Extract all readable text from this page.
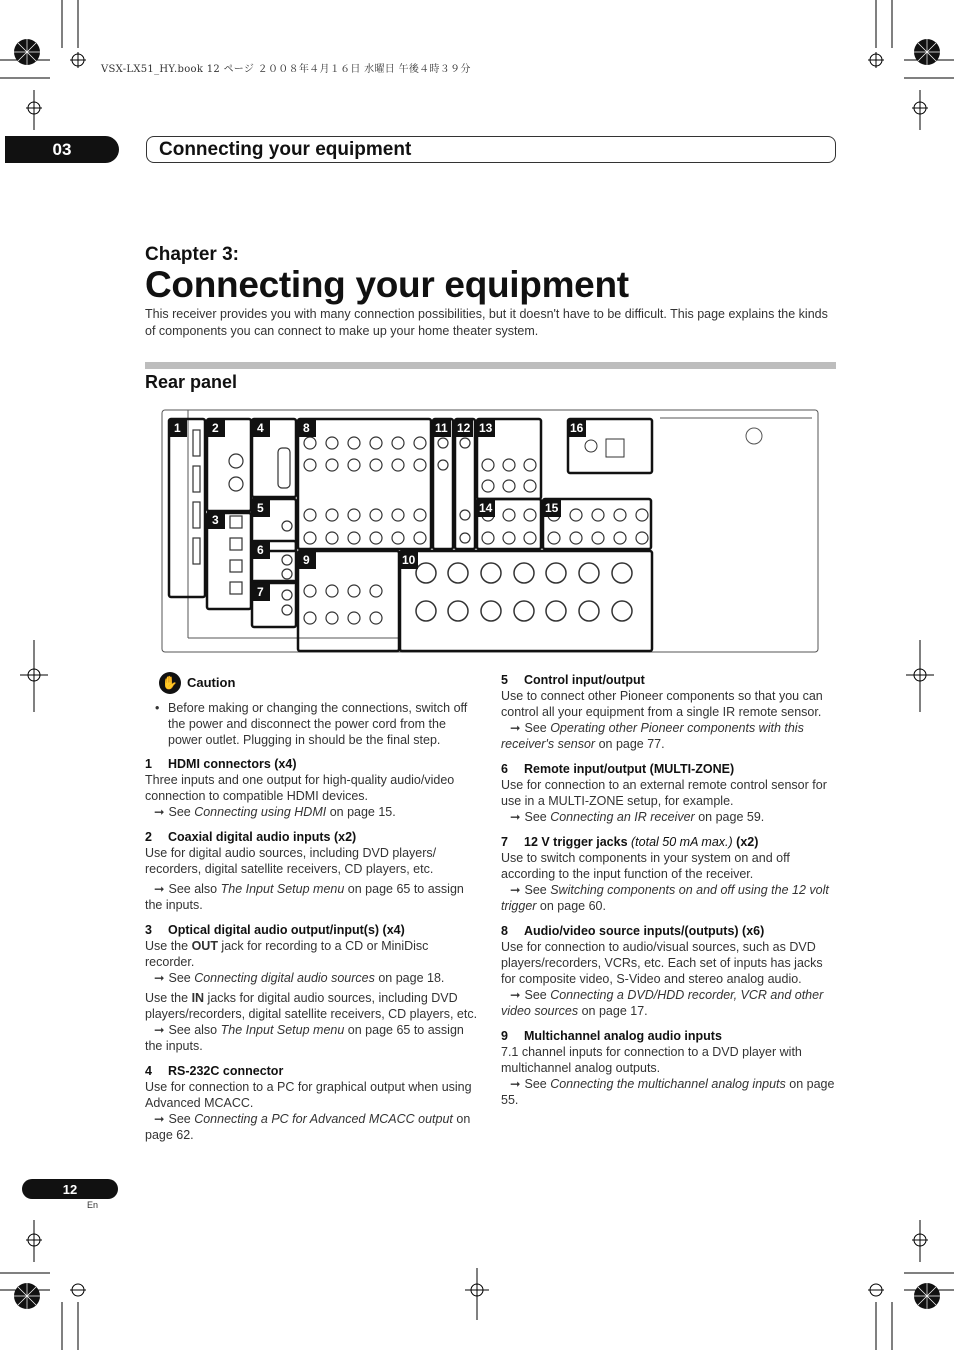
VSX-LX51_HY.book 12 ページ ２００８年４月１６日 水曜日 午後４時３９分
03	Connecting your equipment
Chapter 3:
Connecting your equipment
This receiver provides you with many connection possibilities, but it doesn't have to be difficult. This page explains the kinds of components you can connect to make up your home theater system.
Rear panel
1	2
3
4
5
6
7
8
9	10
11 12 13
14	15
16
✋ Caution
• Before making or changing the connections, switch off the power and disconnect the power cord from the power outlet. Plugging in should be the final step.
1 HDMI connectors (x4)
Three inputs and one output for high-quality audio/video connection to compatible HDMI devices.
➞ See Connecting using HDMI on page 15.
2 Coaxial digital audio inputs (x2)
Use for digital audio sources, including DVD players/ recorders, digital satellite receivers, CD players, etc.
➞ See also The Input Setup menu on page 65 to assign the inputs.
3 Optical digital audio output/input(s) (x4)
Use the OUT jack for recording to a CD or MiniDisc recorder.
➞ See Connecting digital audio sources on page 18.
Use the IN jacks for digital audio sources, including DVD players/recorders, digital satellite receivers, CD players, etc.
➞ See also The Input Setup menu on page 65 to assign the inputs.
4 RS-232C connector
Use for connection to a PC for graphical output when using Advanced MCACC.
➞ See Connecting a PC for Advanced MCACC output on page 62.
5 Control input/output
Use to connect other Pioneer components so that you can control all your equipment from a single IR remote sensor.
➞ See Operating other Pioneer components with this receiver's sensor on page 77.
6 Remote input/output (MULTI-ZONE)
Use for connection to an external remote control sensor for use in a MULTI-ZONE setup, for example.
➞ See Connecting an IR receiver on page 59.
7 12 V trigger jacks (total 50 mA max.) (x2)
Use to switch components in your system on and off according to the input function of the receiver.
➞ See Switching components on and off using the 12 volt trigger on page 60.
8 Audio/video source inputs/(outputs) (x6)
Use for connection to audio/visual sources, such as DVD players/recorders, VCRs, etc. Each set of inputs has jacks for composite video, S-Video and stereo analog audio.
➞ See Connecting a DVD/HDD recorder, VCR and other video sources on page 17.
9 Multichannel analog audio inputs
7.1 channel inputs for connection to a DVD player with multichannel analog outputs.
➞ See Connecting the multichannel analog inputs on page 55.
12
En
